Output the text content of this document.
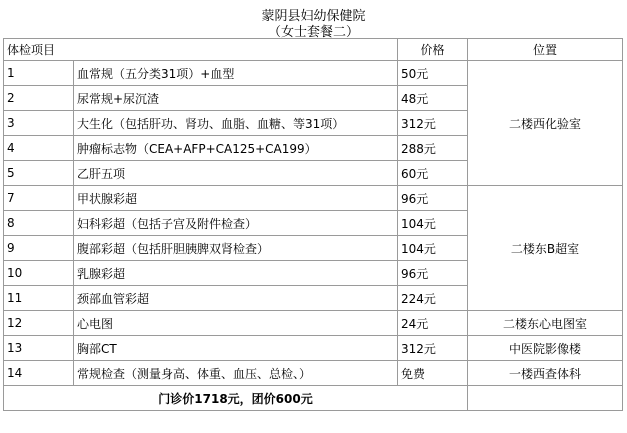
蒙阴县妇幼保健院
（女士套餐二）
体检项目		价格	位置
1	血常规（五分类31项）+血型	50元	二楼西化验室
2	尿常规+尿沉渣	48元	
3	大生化（包括肝功、肾功、血脂、血糖、等31项）	312元	
4	肿瘤标志物（CEA+AFP+CA125+CA199）	288元	
5	乙肝五项	60元	
7	甲状腺彩超	96元	二楼东B超室
8	妇科彩超（包括子宫及附件检查）	104元	
9	腹部彩超（包括肝胆胰脾双肾检查）	104元	
10	乳腺彩超	96元	
11	颈部血管彩超	224元	
12	心电图	24元	二楼东心电图室
13	胸部CT	312元	中医院影像楼
14	常规检查（测量身高、体重、血压、总检、）	免费	一楼西查体科
门诊价1718元，团价600元			
